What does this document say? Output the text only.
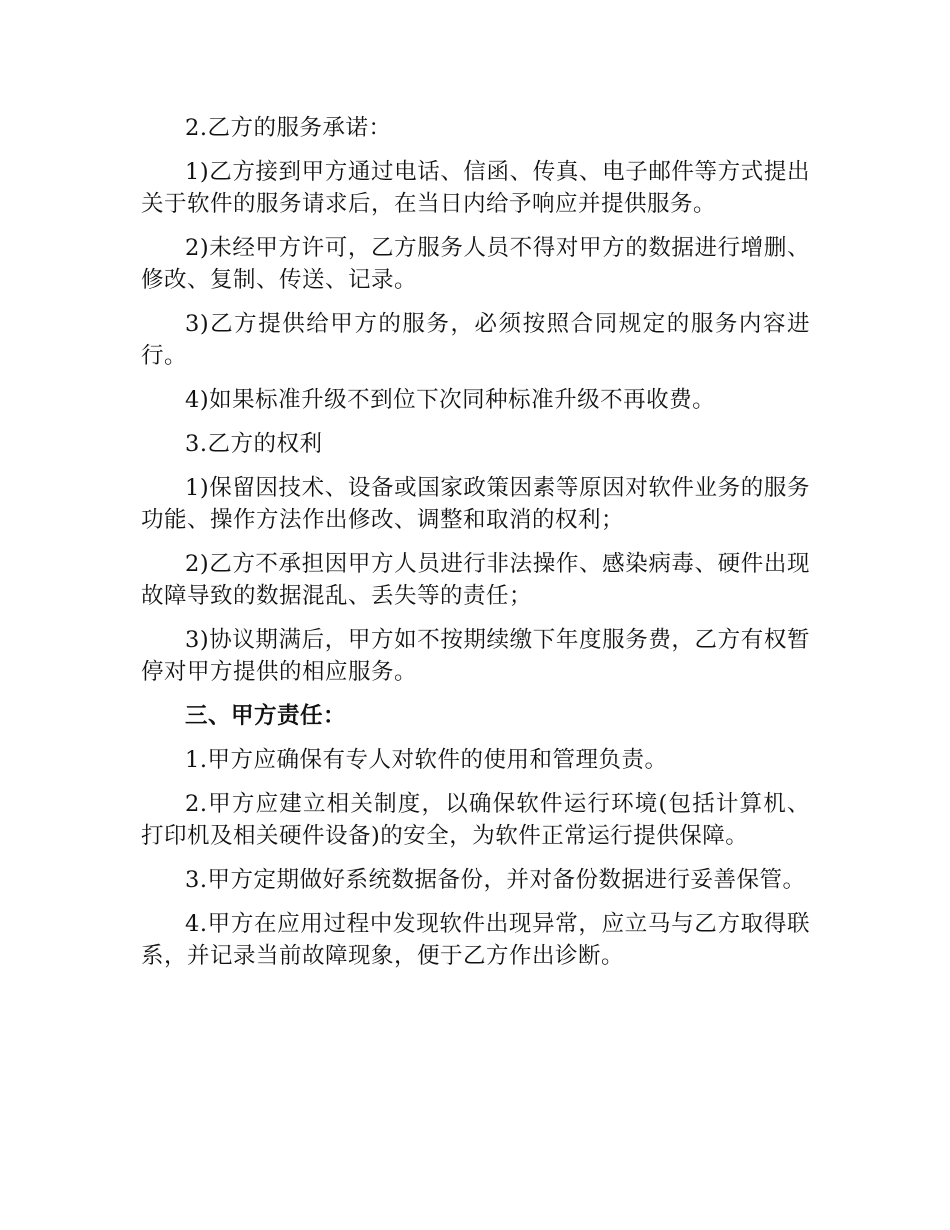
2.乙方的服务承诺：

1)乙方接到甲方通过电话、信函、传真、电子邮件等方式提出关于软件的服务请求后，在当日内给予响应并提供服务。

2)未经甲方许可，乙方服务人员不得对甲方的数据进行增删、修改、复制、传送、记录。

3)乙方提供给甲方的服务，必须按照合同规定的服务内容进行。

4)如果标准升级不到位下次同种标准升级不再收费。

3.乙方的权利

1)保留因技术、设备或国家政策因素等原因对软件业务的服务功能、操作方法作出修改、调整和取消的权利；

2)乙方不承担因甲方人员进行非法操作、感染病毒、硬件出现故障导致的数据混乱、丢失等的责任；

3)协议期满后，甲方如不按期续缴下年度服务费，乙方有权暂停对甲方提供的相应服务。

三、甲方责任：

1.甲方应确保有专人对软件的使用和管理负责。

2.甲方应建立相关制度，以确保软件运行环境(包括计算机、打印机及相关硬件设备)的安全，为软件正常运行提供保障。

3.甲方定期做好系统数据备份，并对备份数据进行妥善保管。

4.甲方在应用过程中发现软件出现异常，应立马与乙方取得联系，并记录当前故障现象，便于乙方作出诊断。
